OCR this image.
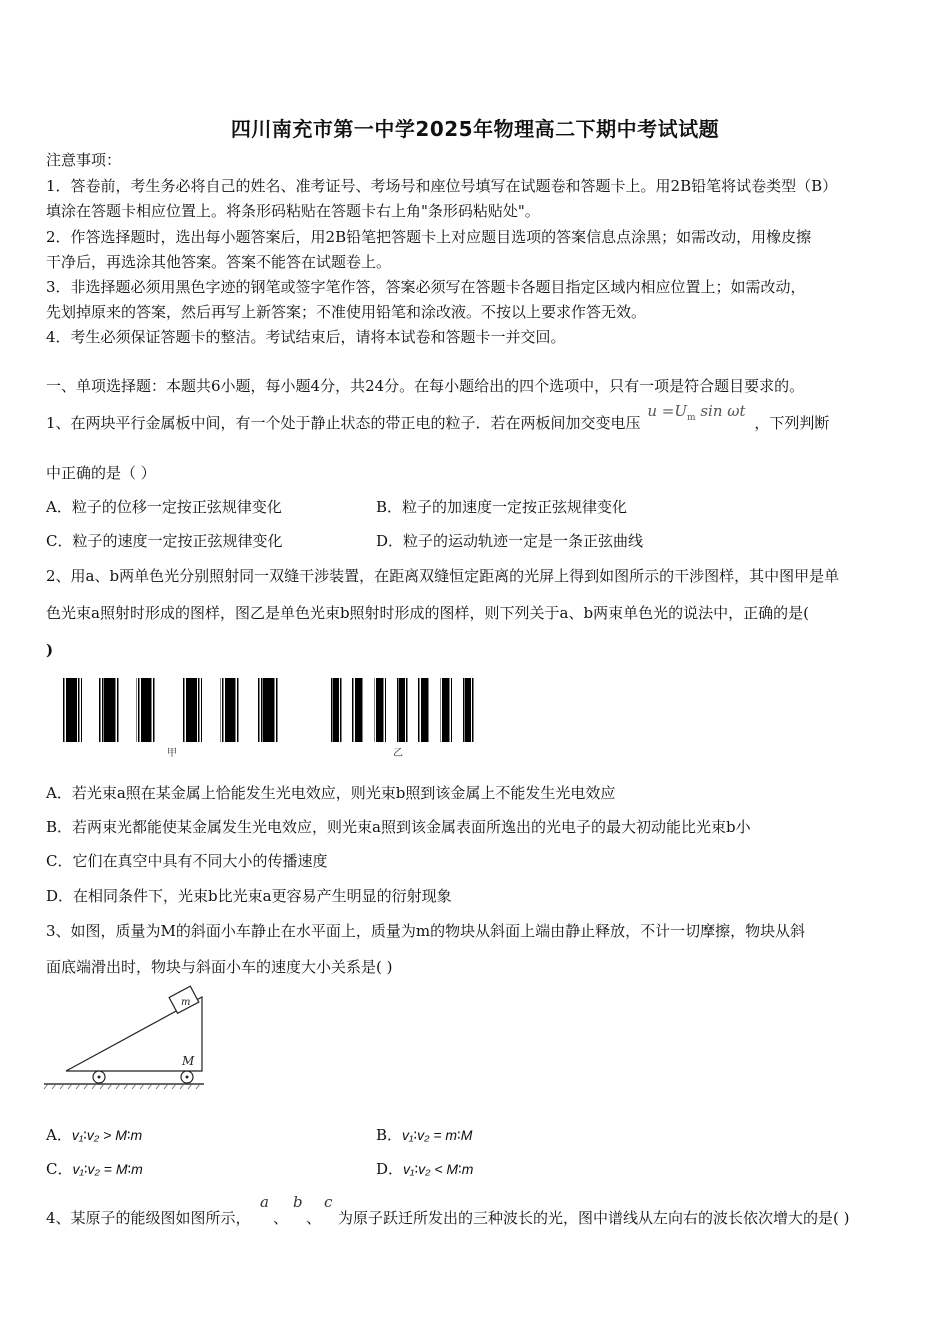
四川南充市第一中学2025年物理高二下期中考试试题
注意事项：
1．答卷前，考生务必将自己的姓名、准考证号、考场号和座位号填写在试题卷和答题卡上。用2B铅笔将试卷类型（B）
填涂在答题卡相应位置上。将条形码粘贴在答题卡右上角"条形码粘贴处"。
2．作答选择题时，选出每小题答案后，用2B铅笔把答题卡上对应题目选项的答案信息点涂黑；如需改动，用橡皮擦
干净后，再选涂其他答案。答案不能答在试题卷上。
3．非选择题必须用黑色字迹的钢笔或签字笔作答，答案必须写在答题卡各题目指定区域内相应位置上；如需改动，
先划掉原来的答案，然后再写上新答案；不准使用铅笔和涂改液。不按以上要求作答无效。
4．考生必须保证答题卡的整洁。考试结束后，请将本试卷和答题卡一并交回。
一、单项选择题：本题共6小题，每小题4分，共24分。在每小题给出的四个选项中，只有一项是符合题目要求的。
1、在两块平行金属板中间，有一个处于静止状态的带正电的粒子．若在两板间加交变电压 $u =U_m$ sin ωt ，下列判断
中正确的是（ ）
A．粒子的位移一定按正弦规律变化	B．粒子的加速度一定按正弦规律变化
C．粒子的速度一定按正弦规律变化	D．粒子的运动轨迹一定是一条正弦曲线
2、用a、b两单色光分别照射同一双缝干涉装置，在距离双缝恒定距离的光屏上得到如图所示的干涉图样，其中图甲是单
色光束a照射时形成的图样，图乙是单色光束b照射时形成的图样，则下列关于a、b两束单色光的说法中，正确的是(
)
甲	乙
A．若光束a照在某金属上恰能发生光电效应，则光束b照到该金属上不能发生光电效应
B．若两束光都能使某金属发生光电效应，则光束a照到该金属表面所逸出的光电子的最大初动能比光束b小
C．它们在真空中具有不同大小的传播速度
D．在相同条件下，光束b比光束a更容易产生明显的衍射现象
3、如图，质量为M的斜面小车静止在水平面上，质量为m的物块从斜面上端由静止释放，不计一切摩擦，物块从斜
面底端滑出时，物块与斜面小车的速度大小关系是( )
m
M
A．v₁∶v₂ > M∶m	B．v₁∶v₂ = m∶M
C．v₁∶v₂ = M∶m	D．v₁∶v₂ < M∶m
4、某原子的能级图如图所示，
a
、
b
、
c
为原子跃迁所发出的三种波长的光，图中谱线从左向右的波长依次增大的是( )
